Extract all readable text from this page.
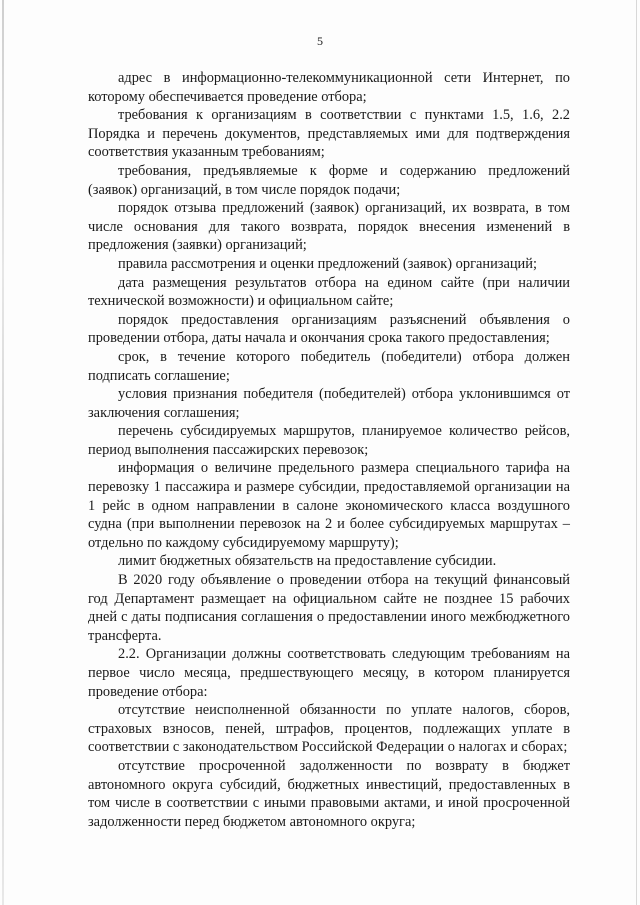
5

адрес в информационно-телекоммуникационной сети Интернет, по которому обеспечивается проведение отбора;

требования к организациям в соответствии с пунктами 1.5, 1.6, 2.2 Порядка и перечень документов, представляемых ими для подтверждения соответствия указанным требованиям;

требования, предъявляемые к форме и содержанию предложений (заявок) организаций, в том числе порядок подачи;

порядок отзыва предложений (заявок) организаций, их возврата, в том числе основания для такого возврата, порядок внесения изменений в предложения (заявки) организаций;

правила рассмотрения и оценки предложений (заявок) организаций;

дата размещения результатов отбора на едином сайте (при наличии технической возможности) и официальном сайте;

порядок предоставления организациям разъяснений объявления о проведении отбора, даты начала и окончания срока такого предоставления;

срок, в течение которого победитель (победители) отбора должен подписать соглашение;

условия признания победителя (победителей) отбора уклонившимся от заключения соглашения;

перечень субсидируемых маршрутов, планируемое количество рейсов, период выполнения пассажирских перевозок;

информация о величине предельного размера специального тарифа на перевозку 1 пассажира и размере субсидии, предоставляемой организации на 1 рейс в одном направлении в салоне экономического класса воздушного судна (при выполнении перевозок на 2 и более субсидируемых маршрутах – отдельно по каждому субсидируемому маршруту);

лимит бюджетных обязательств на предоставление субсидии.

В 2020 году объявление о проведении отбора на текущий финансовый год Департамент размещает на официальном сайте не позднее 15 рабочих дней с даты подписания соглашения о предоставлении иного межбюджетного трансферта.

2.2. Организации должны соответствовать следующим требованиям на первое число месяца, предшествующего месяцу, в котором планируется проведение отбора:

отсутствие неисполненной обязанности по уплате налогов, сборов, страховых взносов, пеней, штрафов, процентов, подлежащих уплате в соответствии с законодательством Российской Федерации о налогах и сборах;

отсутствие просроченной задолженности по возврату в бюджет автономного округа субсидий, бюджетных инвестиций, предоставленных в том числе в соответствии с иными правовыми актами, и иной просроченной задолженности перед бюджетом автономного округа;
